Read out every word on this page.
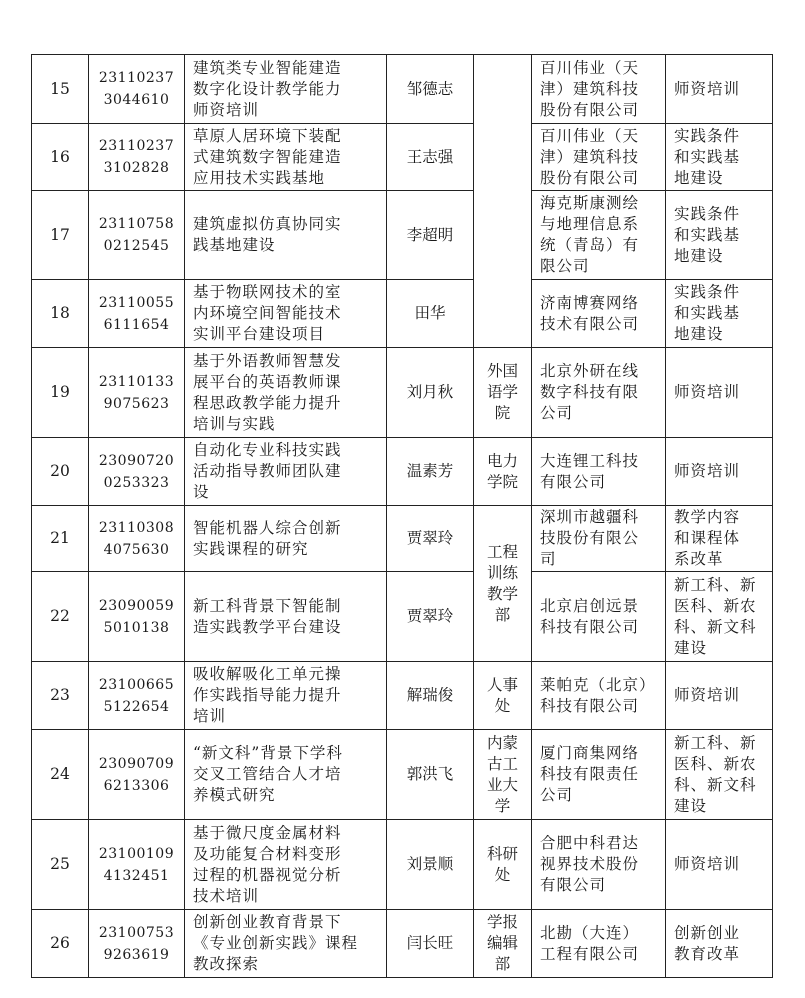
15	23110237
3044610	建筑类专业智能建造
数字化设计教学能力
师资培训	邹德志		百川伟业（天
津）建筑科技
股份有限公司	师资培训

16	23110237
3102828	草原人居环境下装配
式建筑数字智能建造
应用技术实践基地	王志强		百川伟业（天
津）建筑科技
股份有限公司	实践条件
和实践基
地建设

17	23110758
0212545	建筑虚拟仿真协同实
践基地建设	李超明		海克斯康测绘
与地理信息系
统（青岛）有
限公司	实践条件
和实践基
地建设

18	23110055
6111654	基于物联网技术的室
内环境空间智能技术
实训平台建设项目	田华		济南博赛网络
技术有限公司	实践条件
和实践基
地建设

19	23110133
9075623	基于外语教师智慧发
展平台的英语教师课
程思政教学能力提升
培训与实践	刘月秋	外国
语学
院	北京外研在线
数字科技有限
公司	师资培训

20	23090720
0253323	自动化专业科技实践
活动指导教师团队建
设	温素芳	电力
学院	大连锂工科技
有限公司	师资培训

21	23110308
4075630	智能机器人综合创新
实践课程的研究	贾翠玲	工程
训练
教学
部	深圳市越疆科
技股份有限公
司	教学内容
和课程体
系改革

22	23090059
5010138	新工科背景下智能制
造实践教学平台建设	贾翠玲		北京启创远景
科技有限公司	新工科、新
医科、新农
科、新文科
建设

23	23100665
5122654	吸收解吸化工单元操
作实践指导能力提升
培训	解瑞俊	人事
处	莱帕克（北京）
科技有限公司	师资培训

24	23090709
6213306	“新文科”背景下学科
交叉工管结合人才培
养模式研究	郭洪飞	内蒙
古工
业大
学	厦门商集网络
科技有限责任
公司	新工科、新
医科、新农
科、新文科
建设

25	23100109
4132451	基于微尺度金属材料
及功能复合材料变形
过程的机器视觉分析
技术培训	刘景顺	科研
处	合肥中科君达
视界技术股份
有限公司	师资培训

26	23100753
9263619	创新创业教育背景下
《专业创新实践》课程
教改探索	闫长旺	学报
编辑
部	北勘（大连）
工程有限公司	创新创业
教育改革
